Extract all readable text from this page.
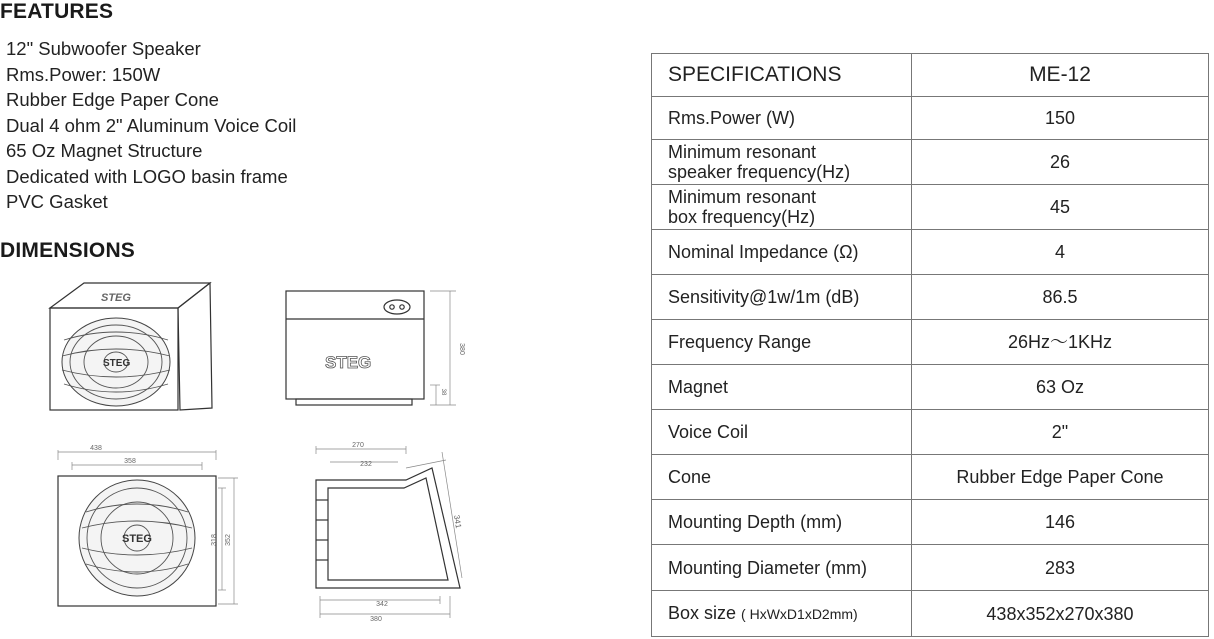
FEATURES
12" Subwoofer Speaker
Rms.Power: 150W
Rubber Edge Paper Cone
Dual 4 ohm 2" Aluminum Voice Coil
65 Oz Magnet Structure
Dedicated with LOGO basin frame
PVC Gasket
DIMENSIONS
STEG
STEG	STEG
380
38
438
358
STEG	318 352
270
232
341
342
380
SPECIFICATIONS	ME-12
Rms.Power (W)	150

Minimum resonant
speaker frequency(Hz)	26

Minimum resonant
box frequency(Hz)	45
Nominal Impedance (Ω)	4
Sensitivity@1w/1m (dB)	86.5
Frequency Range	26Hz～1KHz
Magnet	63 Oz
Voice Coil	2"
Cone	Rubber Edge Paper Cone
Mounting Depth (mm)	146
Mounting Diameter (mm)	283
Box size ( HxWxD1xD2mm)	438x352x270x380
